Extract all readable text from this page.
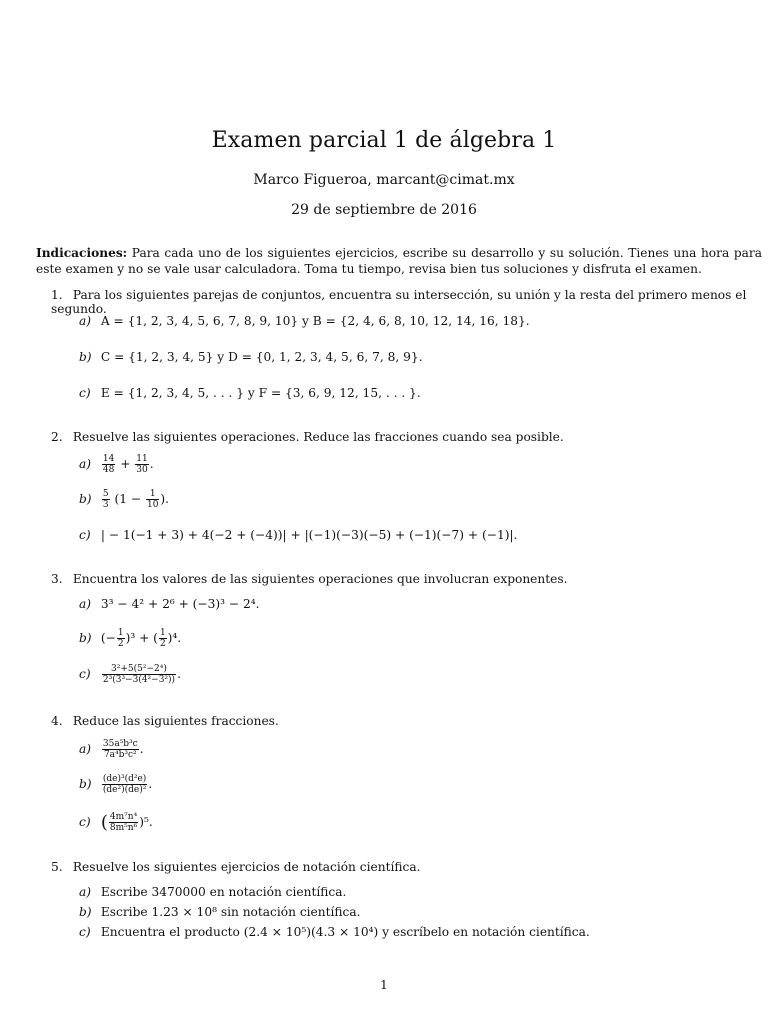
Examen parcial 1 de álgebra 1
Marco Figueroa, marcant@cimat.mx
29 de septiembre de 2016
Indicaciones: Para cada uno de los siguientes ejercicios, escribe su desarrollo y su solución. Tienes una hora para este examen y no se vale usar calculadora. Toma tu tiempo, revisa bien tus soluciones y disfruta el examen.
1. Para los siguientes parejas de conjuntos, encuentra su intersección, su unión y la resta del primero menos el segundo.
a) A = {1, 2, 3, 4, 5, 6, 7, 8, 9, 10} y B = {2, 4, 6, 8, 10, 12, 14, 16, 18}.
b) C = {1, 2, 3, 4, 5} y D = {0, 1, 2, 3, 4, 5, 6, 7, 8, 9}.
c) E = {1, 2, 3, 4, 5, . . . } y F = {3, 6, 9, 12, 15, . . . }.
2. Resuelve las siguientes operaciones. Reduce las fracciones cuando sea posible.
$a) \frac{14}{48} + \frac{11}{30}$ .
$b) \frac{5}{3} (1 - \frac{1}{10}$ ).
c) | − 1(−1 + 3) + 4(−2 + (−4))| + |(−1)(−3)(−5) + (−1)(−7) + (−1)|.
3. Encuentra los valores de las siguientes operaciones que involucran exponentes.
a) 3³ − 4² + 2⁶ + (−3)³ − 2⁴.
b) (− $\frac{1}{2} )^3$ + ( $\frac{1}{2} )^4$.
$c) \frac{\text{3²+5(5²−2⁴)}}{\text{2³(3³−3(4²−3²))}}$ .
4. Reduce las siguientes fracciones.
$a) \frac{\text{35a⁵b³c}}{\text{7a⁴b³c²}}$ .
$b) \frac{\text{(de)³(d²e)}}{\text{(de²)(de)²}}$ .
c) ( $\frac{\text{4m⁷n⁴}}{\text{8m⁵n⁶}} )^5$.
5. Resuelve los siguientes ejercicios de notación científica.
a) Escribe 3470000 en notación científica.
b) Escribe 1.23 × 10⁸ sin notación científica.
c) Encuentra el producto (2.4 × 10⁵)(4.3 × 10⁴) y escríbelo en notación científica.
1
